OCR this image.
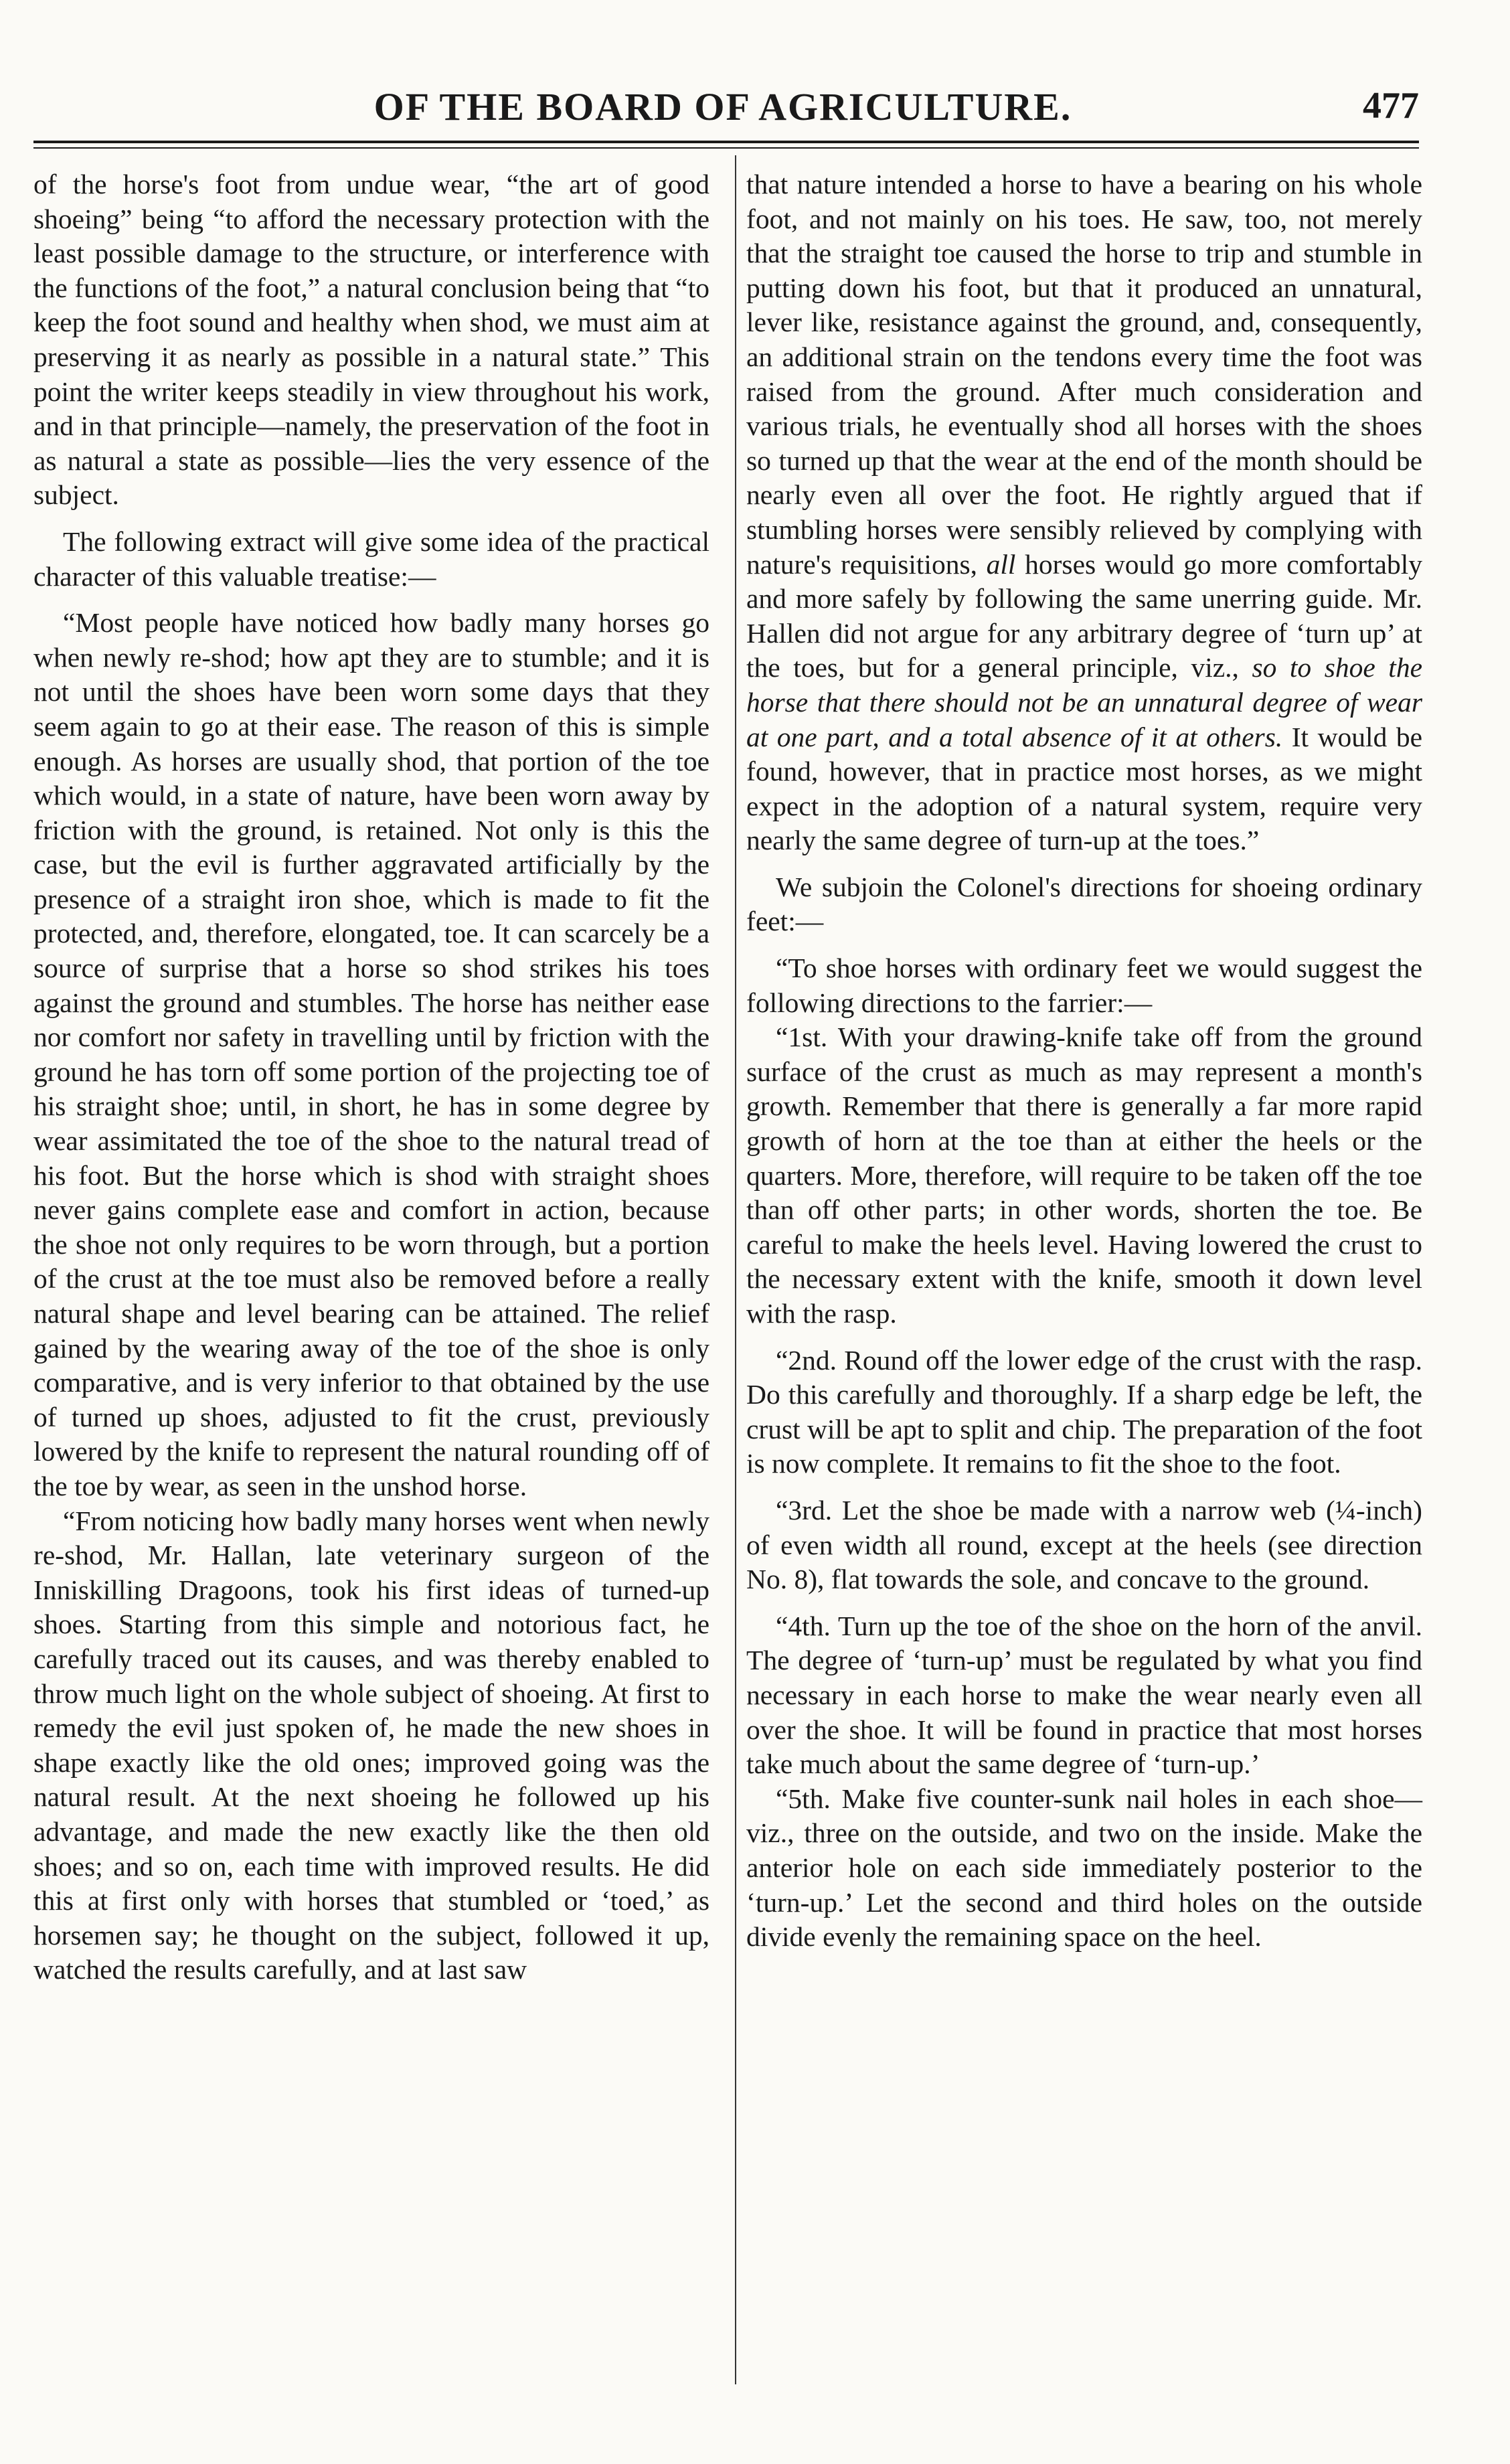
OF THE BOARD OF AGRICULTURE.	477

of the horse's foot from undue wear, “the art of good shoeing” being “to afford the necessary protection with the least possible damage to the structure, or interference with the functions of the foot,” a natural conclusion being that “to keep the foot sound and healthy when shod, we must aim at preserving it as nearly as possible in a natural state.” This point the writer keeps steadily in view throughout his work, and in that principle—namely, the preservation of the foot in as natural a state as possible—lies the very essence of the subject.

The following extract will give some idea of the practical character of this valuable treatise:—

“Most people have noticed how badly many horses go when newly re-shod; how apt they are to stumble; and it is not until the shoes have been worn some days that they seem again to go at their ease. The reason of this is simple enough. As horses are usually shod, that portion of the toe which would, in a state of nature, have been worn away by friction with the ground, is retained. Not only is this the case, but the evil is further aggravated artificially by the presence of a straight iron shoe, which is made to fit the protected, and, therefore, elongated, toe. It can scarcely be a source of surprise that a horse so shod strikes his toes against the ground and stumbles. The horse has neither ease nor comfort nor safety in travelling until by friction with the ground he has torn off some portion of the projecting toe of his straight shoe; until, in short, he has in some degree by wear assimitated the toe of the shoe to the natural tread of his foot. But the horse which is shod with straight shoes never gains complete ease and comfort in action, because the shoe not only requires to be worn through, but a portion of the crust at the toe must also be removed before a really natural shape and level bearing can be attained. The relief gained by the wearing away of the toe of the shoe is only comparative, and is very inferior to that obtained by the use of turned up shoes, adjusted to fit the crust, previously lowered by the knife to represent the natural rounding off of the toe by wear, as seen in the unshod horse.

“From noticing how badly many horses went when newly re-shod, Mr. Hallan, late veterinary surgeon of the Inniskilling Dragoons, took his first ideas of turned-up shoes. Starting from this simple and notorious fact, he carefully traced out its causes, and was thereby enabled to throw much light on the whole subject of shoeing. At first to remedy the evil just spoken of, he made the new shoes in shape exactly like the old ones; improved going was the natural result. At the next shoeing he followed up his advantage, and made the new exactly like the then old shoes; and so on, each time with improved results. He did this at first only with horses that stumbled or ‘toed,’ as horsemen say; he thought on the subject, followed it up, watched the results carefully, and at last saw

that nature intended a horse to have a bearing on his whole foot, and not mainly on his toes. He saw, too, not merely that the straight toe caused the horse to trip and stumble in putting down his foot, but that it produced an unnatural, lever like, resistance against the ground, and, consequently, an additional strain on the tendons every time the foot was raised from the ground. After much consideration and various trials, he eventually shod all horses with the shoes so turned up that the wear at the end of the month should be nearly even all over the foot. He rightly argued that if stumbling horses were sensibly relieved by complying with nature's requisitions, all horses would go more comfortably and more safely by following the same unerring guide. Mr. Hallen did not argue for any arbitrary degree of ‘turn up’ at the toes, but for a general principle, viz., so to shoe the horse that there should not be an unnatural degree of wear at one part, and a total absence of it at others. It would be found, however, that in practice most horses, as we might expect in the adoption of a natural system, require very nearly the same degree of turn-up at the toes.”

We subjoin the Colonel's directions for shoeing ordinary feet:—

“To shoe horses with ordinary feet we would suggest the following directions to the farrier:—

“1st. With your drawing-knife take off from the ground surface of the crust as much as may represent a month's growth. Remember that there is generally a far more rapid growth of horn at the toe than at either the heels or the quarters. More, therefore, will require to be taken off the toe than off other parts; in other words, shorten the toe. Be careful to make the heels level. Having lowered the crust to the necessary extent with the knife, smooth it down level with the rasp.

“2nd. Round off the lower edge of the crust with the rasp. Do this carefully and thoroughly. If a sharp edge be left, the crust will be apt to split and chip. The preparation of the foot is now complete. It remains to fit the shoe to the foot.

“3rd. Let the shoe be made with a narrow web (¼-inch) of even width all round, except at the heels (see direction No. 8), flat towards the sole, and concave to the ground.

“4th. Turn up the toe of the shoe on the horn of the anvil. The degree of ‘turn-up’ must be regulated by what you find necessary in each horse to make the wear nearly even all over the shoe. It will be found in practice that most horses take much about the same degree of ‘turn-up.’

“5th. Make five counter-sunk nail holes in each shoe—viz., three on the outside, and two on the inside. Make the anterior hole on each side immediately posterior to the ‘turn-up.’ Let the second and third holes on the outside divide evenly the remaining space on the heel.
